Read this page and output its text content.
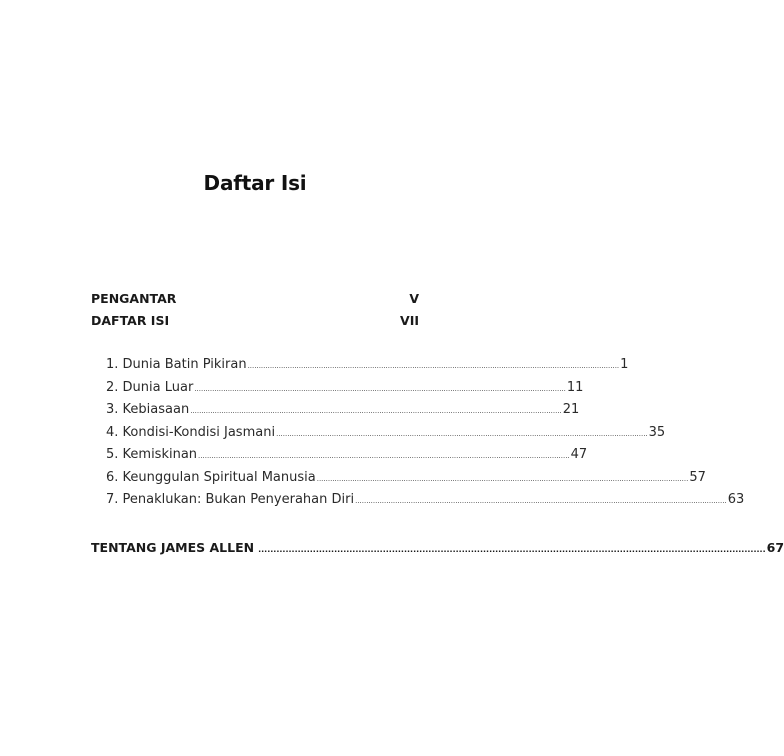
Daftar Isi
PENGANTAR	V
DAFTAR ISI	VII
1. Dunia Batin Pikiran ....................................................................................................................................................................... 1
2. Dunia Luar ....................................................................................................................................................................... 11
3. Kebiasaan ....................................................................................................................................................................... 21
4. Kondisi-Kondisi Jasmani ....................................................................................................................................................................... 35
5. Kemiskinan ....................................................................................................................................................................... 47
6. Keunggulan Spiritual Manusia ....................................................................................................................................................................... 57
7. Penaklukan: Bukan Penyerahan Diri ....................................................................................................................................................................... 63
TENTANG JAMES ALLEN ....................................................................................................................................................................... 67
